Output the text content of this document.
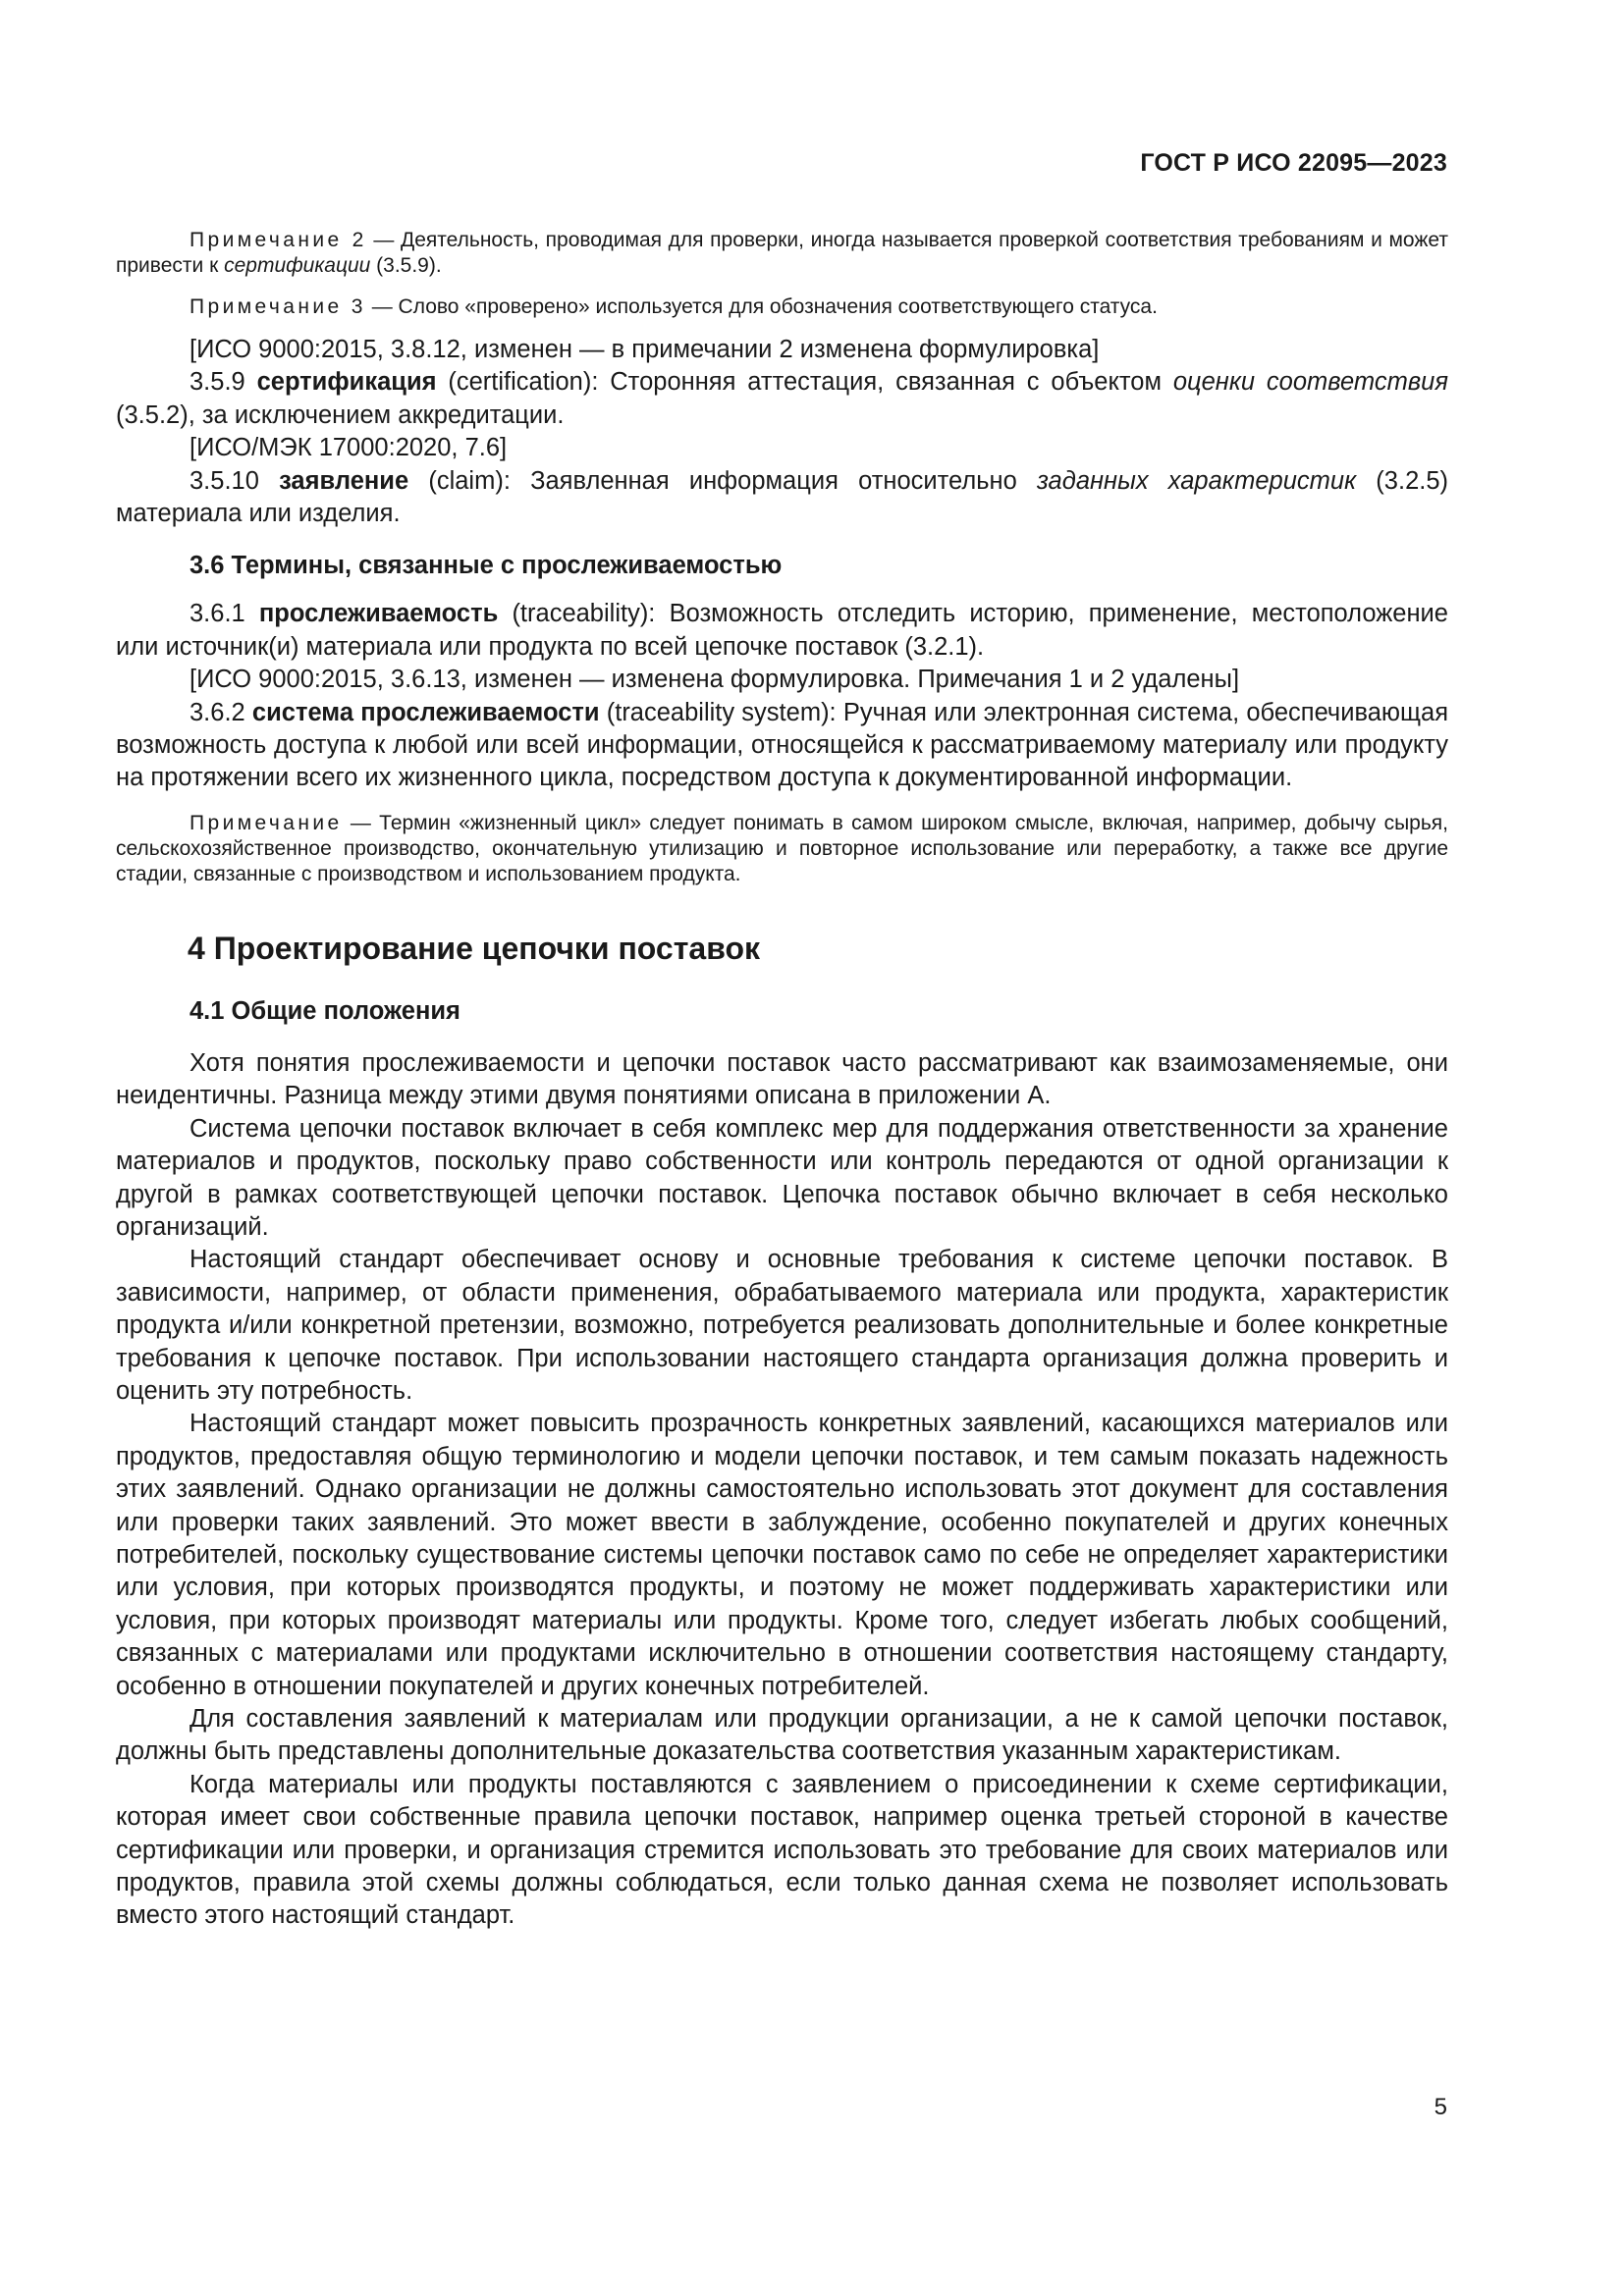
ГОСТ Р ИСО 22095—2023

Примечание 2 — Деятельность, проводимая для проверки, иногда называется проверкой соответствия требованиям и может привести к сертификации (3.5.9).

Примечание 3 — Слово «проверено» используется для обозначения соответствующего статуса.

[ИСО 9000:2015, 3.8.12, изменен — в примечании 2 изменена формулировка]

3.5.9 сертификация (certification): Сторонняя аттестация, связанная с объектом оценки соответствия (3.5.2), за исключением аккредитации.

[ИСО/МЭК 17000:2020, 7.6]

3.5.10 заявление (claim): Заявленная информация относительно заданных характеристик (3.2.5) материала или изделия.

3.6 Термины, связанные с прослеживаемостью

3.6.1 прослеживаемость (traceability): Возможность отследить историю, применение, местоположение или источник(и) материала или продукта по всей цепочке поставок (3.2.1).

[ИСО 9000:2015, 3.6.13, изменен — изменена формулировка. Примечания 1 и 2 удалены]

3.6.2 система прослеживаемости (traceability system): Ручная или электронная система, обеспечивающая возможность доступа к любой или всей информации, относящейся к рассматриваемому материалу или продукту на протяжении всего их жизненного цикла, посредством доступа к документированной информации.

Примечание — Термин «жизненный цикл» следует понимать в самом широком смысле, включая, например, добычу сырья, сельскохозяйственное производство, окончательную утилизацию и повторное использование или переработку, а также все другие стадии, связанные с производством и использованием продукта.

4 Проектирование цепочки поставок

4.1 Общие положения

Хотя понятия прослеживаемости и цепочки поставок часто рассматривают как взаимозаменяемые, они неидентичны. Разница между этими двумя понятиями описана в приложении А.

Система цепочки поставок включает в себя комплекс мер для поддержания ответственности за хранение материалов и продуктов, поскольку право собственности или контроль передаются от одной организации к другой в рамках соответствующей цепочки поставок. Цепочка поставок обычно включает в себя несколько организаций.

Настоящий стандарт обеспечивает основу и основные требования к системе цепочки поставок. В зависимости, например, от области применения, обрабатываемого материала или продукта, характеристик продукта и/или конкретной претензии, возможно, потребуется реализовать дополнительные и более конкретные требования к цепочке поставок. При использовании настоящего стандарта организация должна проверить и оценить эту потребность.

Настоящий стандарт может повысить прозрачность конкретных заявлений, касающихся материалов или продуктов, предоставляя общую терминологию и модели цепочки поставок, и тем самым показать надежность этих заявлений. Однако организации не должны самостоятельно использовать этот документ для составления или проверки таких заявлений. Это может ввести в заблуждение, особенно покупателей и других конечных потребителей, поскольку существование системы цепочки поставок само по себе не определяет характеристики или условия, при которых производятся продукты, и поэтому не может поддерживать характеристики или условия, при которых производят материалы или продукты. Кроме того, следует избегать любых сообщений, связанных с материалами или продуктами исключительно в отношении соответствия настоящему стандарту, особенно в отношении покупателей и других конечных потребителей.

Для составления заявлений к материалам или продукции организации, а не к самой цепочки поставок, должны быть представлены дополнительные доказательства соответствия указанным характеристикам.

Когда материалы или продукты поставляются с заявлением о присоединении к схеме сертификации, которая имеет свои собственные правила цепочки поставок, например оценка третьей стороной в качестве сертификации или проверки, и организация стремится использовать это требование для своих материалов или продуктов, правила этой схемы должны соблюдаться, если только данная схема не позволяет использовать вместо этого настоящий стандарт.

5
